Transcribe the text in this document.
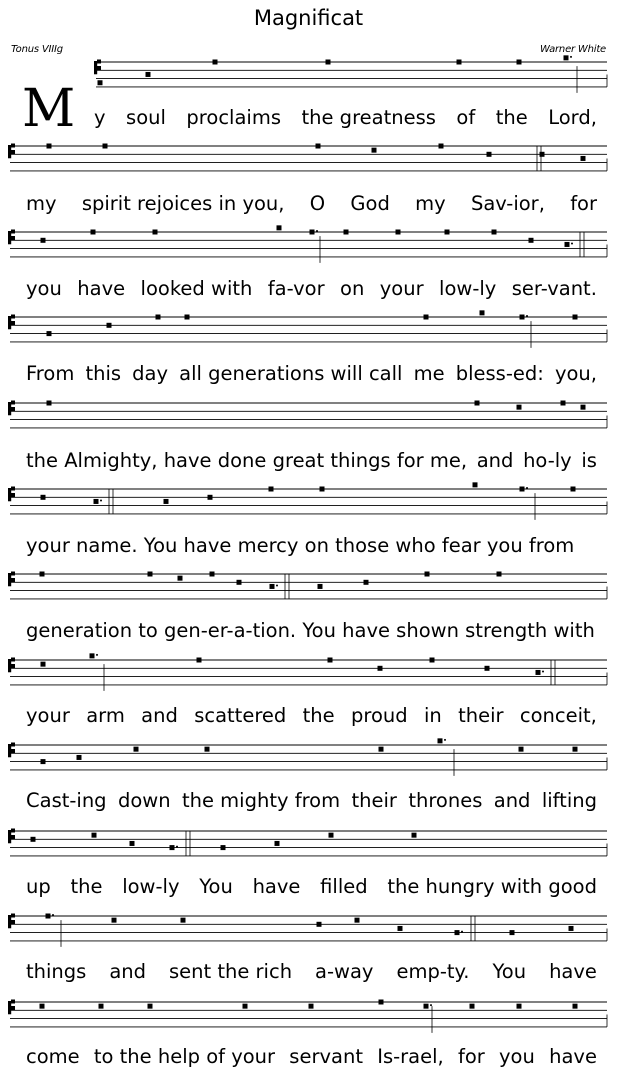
Magnificat
Tonus VIIIg	Warner White
M y soul proclaims the greatness of the Lord,
my spirit rejoices in you, O God my Sav-ior, for
you have looked with fa-vor on your low-ly ser-vant.
From this day all generations will call me bless-ed: you,
the Almighty, have done great things for me, and ho-ly is
your name. You have mercy on those who fear you from
generation to gen-er-a-tion. You have shown strength with
your arm and scattered the proud in their conceit,
Cast-ing down the mighty from their thrones and lifting
up the low-ly You have filled the hungry with good
things and sent the rich a-way emp-ty. You have
come to the help of your servant Is-rael, for you have
